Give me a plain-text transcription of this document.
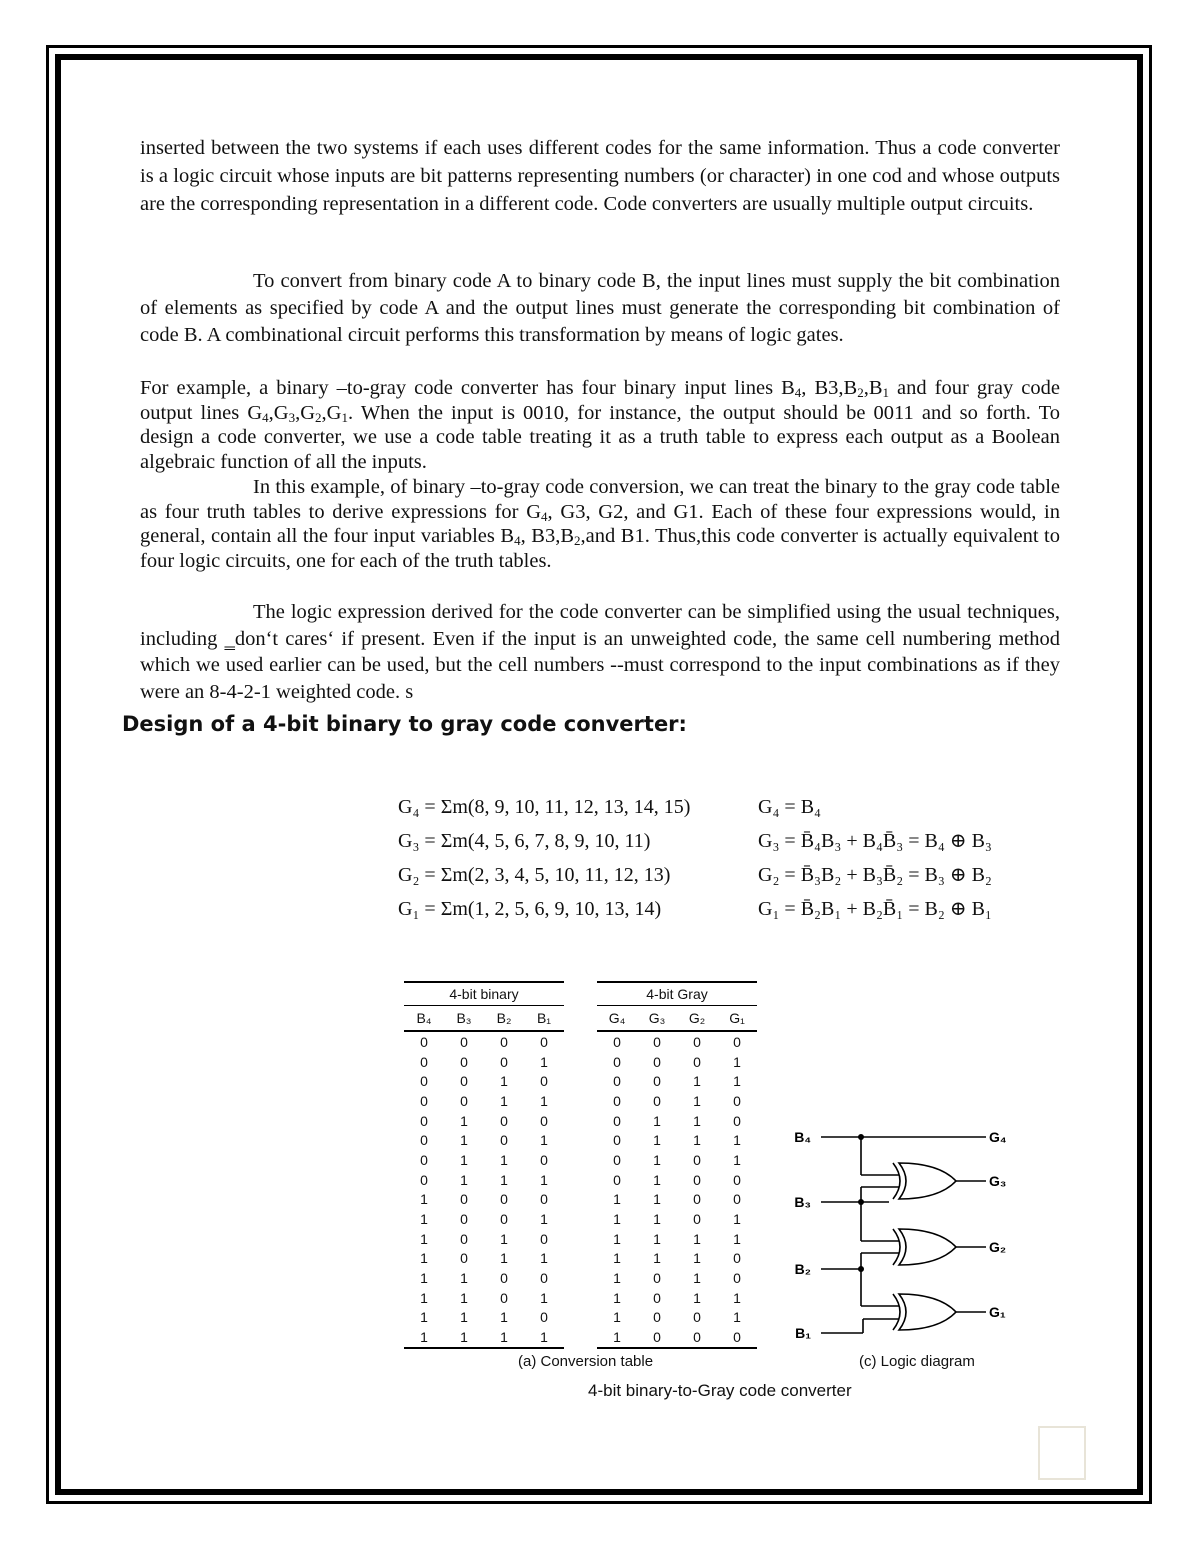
inserted between the two systems if each uses different codes for the same information. Thus a code converter is a logic circuit whose inputs are bit patterns representing numbers (or character) in one cod and whose outputs are the corresponding representation in a different code. Code converters are usually multiple output circuits.

To convert from binary code A to binary code B, the input lines must supply the bit combination of elements as specified by code A and the output lines must generate the corresponding bit combination of code B. A combinational circuit performs this transformation by means of logic gates.

For example, a binary –to-gray code converter has four binary input lines $B_4$, $B3,B_2,B_1$ and four gray code output lines $G_4,G_3,G_2,G_1$. When the input is 0010, for instance, the output should be 0011 and so forth. To design a code converter, we use a code table treating it as a truth table to express each output as a Boolean algebraic function of all the inputs.

In this example, of binary –to-gray code conversion, we can treat the binary to the gray code table as four truth tables to derive expressions for $G_4$, G3, G2, and G1. Each of these four expressions would, in general, contain all the four input variables $B_4$, $B3,B_2,and$ B1. Thus,this code converter is actually equivalent to four logic circuits, one for each of the truth tables.

The logic expression derived for the code converter can be simplified using the usual techniques, including ‗don‘t cares‘ if present. Even if the input is an unweighted code, the same cell numbering method which we used earlier can be used, but the cell numbers --must correspond to the input combinations as if they were an 8-4-2-1 weighted code. s

Design of a 4-bit binary to gray code converter:
G₄ = Σm(8, 9, 10, 11, 12, 13, 14, 15)	G₄ = B₄
G₃ = Σm(4, 5, 6, 7, 8, 9, 10, 11)	G₃ = B̄₄B₃ + B₄B̄₃ = B₄ ⊕ B₃
G₂ = Σm(2, 3, 4, 5, 10, 11, 12, 13)	G₂ = B̄₃B₂ + B₃B̄₂ = B₃ ⊕ B₂
G₁ = Σm(1, 2, 5, 6, 9, 10, 13, 14)	G₁ = B̄₂B₁ + B₂B̄₁ = B₂ ⊕ B₁
4-bit binary					4-bit Gray			
B₄	B₃	B₂	B₁		G₄	G₃	G₂	G₁
0	0	0	0		0	0	0	0
0	0	0	1		0	0	0	1
0	0	1	0		0	0	1	1
0	0	1	1		0	0	1	0
0	1	0	0		0	1	1	0
0	1	0	1		0	1	1	1
0	1	1	0		0	1	0	1
0	1	1	1		0	1	0	0
1	0	0	0		1	1	0	0
1	0	0	1		1	1	0	1
1	0	1	0		1	1	1	1
1	0	1	1		1	1	1	0
1	1	0	0		1	0	1	0
1	1	0	1		1	0	1	1
1	1	1	0		1	0	0	1
1	1	1	1		1	0	0	0
B₄
B₃
B₂
B₁
G₄
G₃
G₂
G₁
(a) Conversion table	(c) Logic diagram
4-bit binary-to-Gray code converter
